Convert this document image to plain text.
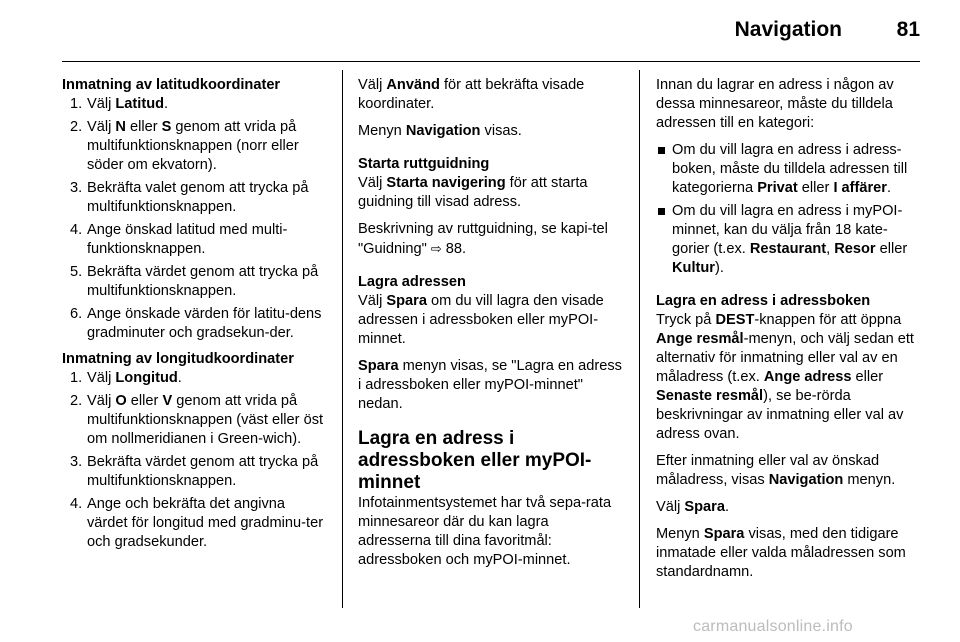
Navigation	81
Inmatning av latitudkoordinater
1. Välj Latitud.
2. Välj N eller S genom att vrida på multifunktionsknappen (norr eller söder om ekvatorn).
3. Bekräfta valet genom att trycka på multifunktionsknappen.
4. Ange önskad latitud med multi-funktionsknappen.
5. Bekräfta värdet genom att trycka på multifunktionsknappen.
6. Ange önskade värden för latitu-dens gradminuter och gradsekun-der.
Inmatning av longitudkoordinater
1. Välj Longitud.
2. Välj O eller V genom att vrida på multifunktionsknappen (väst eller öst om nollmeridianen i Green-wich).
3. Bekräfta värdet genom att trycka på multifunktionsknappen.
4. Ange och bekräfta det angivna värdet för longitud med gradminu-ter och gradsekunder.

Välj Använd för att bekräfta visade koordinater.

Menyn Navigation visas.

Starta ruttguidning

Välj Starta navigering för att starta guidning till visad adress.

Beskrivning av ruttguidning, se kapi-tel "Guidning" ⇨ 88.

Lagra adressen

Välj Spara om du vill lagra den visade adressen i adressboken eller myPOI-minnet.

Spara menyn visas, se "Lagra en adress i adressboken eller myPOI-minnet" nedan.

Lagra en adress i adressboken eller myPOI-minnet

Infotainmentsystemet har två sepa-rata minnesareor där du kan lagra adresserna till dina favoritmål: adressboken och myPOI-minnet.

Innan du lagrar en adress i någon av dessa minnesareor, måste du tilldela adressen till en kategori:

Om du vill lagra en adress i adress-boken, måste du tilldela adressen till kategorierna Privat eller I affärer.
Om du vill lagra en adress i myPOI-minnet, kan du välja från 18 kate-gorier (t.ex. Restaurant, Resor eller Kultur).
Lagra en adress i adressboken

Tryck på DEST-knappen för att öppna Ange resmål-menyn, och välj sedan ett alternativ för inmatning eller val av en måladress (t.ex. Ange adress eller Senaste resmål), se be-rörda beskrivningar av inmatning eller val av adress ovan.

Efter inmatning eller val av önskad måladress, visas Navigation menyn.

Välj Spara.

Menyn Spara visas, med den tidigare inmatade eller valda måladressen som standardnamn.

carmanualsonline.info
